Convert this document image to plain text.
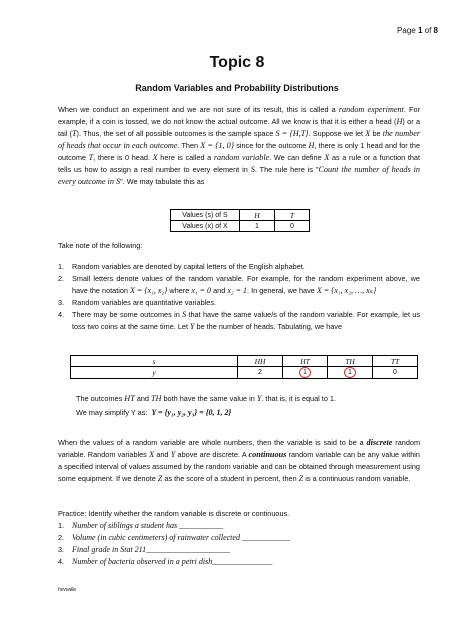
Page 1 of 8
Topic 8
Random Variables and Probability Distributions
When we conduct an experiment and we are not sure of its result, this is called a random experiment. For example, if a coin is tossed, we do not know the actual outcome. All we know is that it is either a head (H) or a tail (T). Thus, the set of all possible outcomes is the sample space S = {H,T}. Suppose we let X be the number of heads that occur in each outcome. Then X = {1, 0} since for the outcome H, there is only 1 head and for the outcome T, there is 0 head. X here is called a random variable. We can define X as a rule or a function that tells us how to assign a real number to every element in S. The rule here is "Count the number of heads in every outcome in S". We may tabulate this as
Values (s) of S	H	T
Values (x) of X	1	0
Take note of the following:
1. Random variables are denoted by capital letters of the English alphabet.
2. Small letters denote values of the random variable. For example, for the random experiment above, we have the notation X = {x₁, x₂} where x₁ = 0 and x₂ = 1. In general, we have X = {x₁, x₂, …, xₖ}
3. Random variables are quantitative variables.
4. There may be some outcomes in S that have the same value/s of the random variable. For example, let us toss two coins at the same time. Let Y be the number of heads. Tabulating, we have
s	HH	HT	TH	TT
y	2	1	1	0
The outcomes HT and TH both have the same value in Y. that is, it is equal to 1.
We may simplify Y as: Y = {y₁, y₂, y₃} = {0, 1, 2}
When the values of a random variable are whole numbers, then the variable is said to be a discrete random variable. Random variables X and Y above are discrete. A continuous random variable can be any value within a specified interval of values assumed by the random variable and can be obtained through measurement using some equipment. If we denote Z as the score of a student in percent, then Z is a continuous random variable.
Practice: Identify whether the random variable is discrete or continuous.
1. Number of siblings a student has ___________
2. Volume (in cubic centimeters) of rainwater collected ____________
3. Final grade in Stat 211_____________________
4. Number of bacteria observed in a petri dish_______________
hvvvalle
